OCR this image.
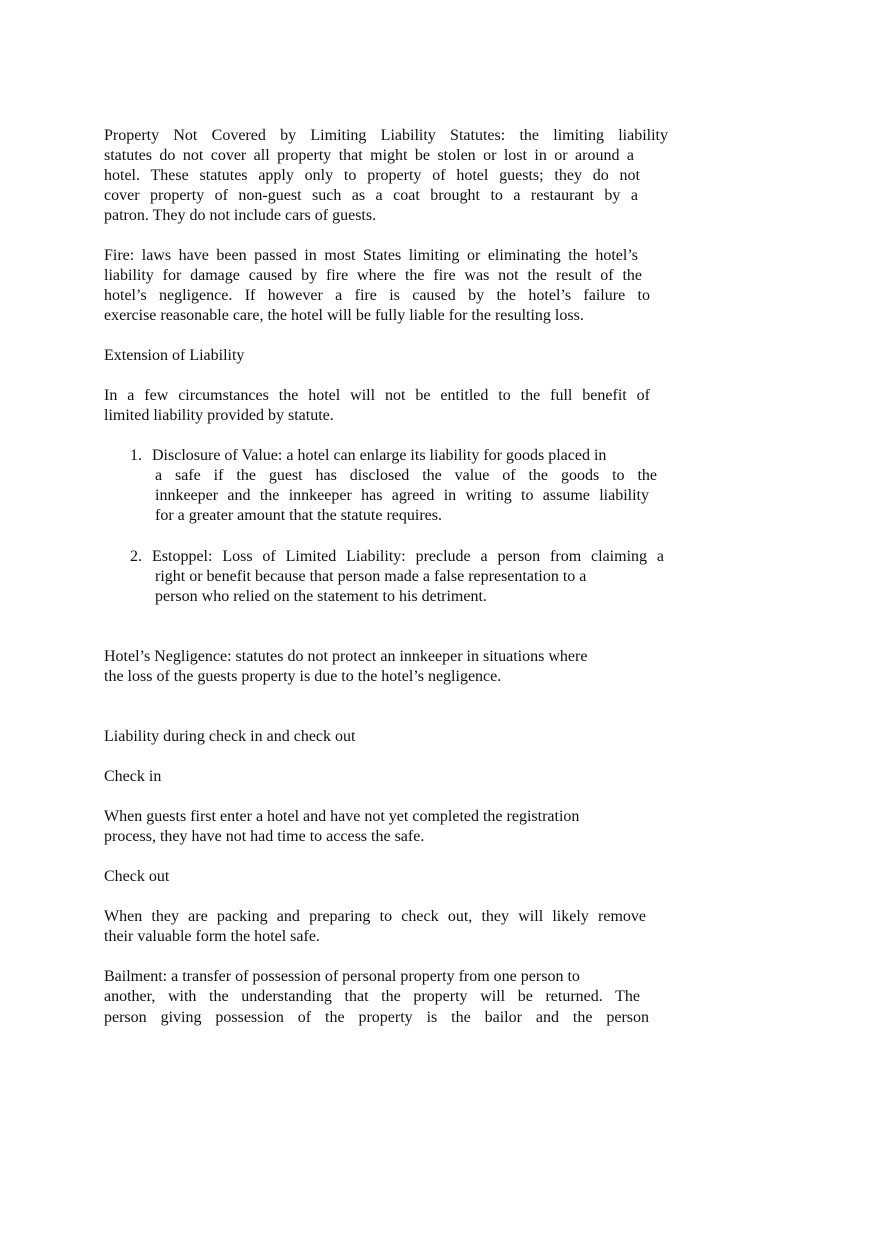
Property Not Covered by Limiting Liability Statutes: the limiting liability
statutes do not cover all property that might be stolen or lost in or around a
hotel. These statutes apply only to property of hotel guests; they do not
cover property of non-guest such as a coat brought to a restaurant by a
patron. They do not include cars of guests.
Fire: laws have been passed in most States limiting or eliminating the hotel’s
liability for damage caused by fire where the fire was not the result of the
hotel’s negligence. If however a fire is caused by the hotel’s failure to
exercise reasonable care, the hotel will be fully liable for the resulting loss.
Extension of Liability
In a few circumstances the hotel will not be entitled to the full benefit of
limited liability provided by statute.
1. Disclosure of Value: a hotel can enlarge its liability for goods placed in
a safe if the guest has disclosed the value of the goods to the
innkeeper and the innkeeper has agreed in writing to assume liability
for a greater amount that the statute requires.
2. Estoppel: Loss of Limited Liability: preclude a person from claiming a
right or benefit because that person made a false representation to a
person who relied on the statement to his detriment.
Hotel’s Negligence: statutes do not protect an innkeeper in situations where
the loss of the guests property is due to the hotel’s negligence.
Liability during check in and check out
Check in
When guests first enter a hotel and have not yet completed the registration
process, they have not had time to access the safe.
Check out
When they are packing and preparing to check out, they will likely remove
their valuable form the hotel safe.
Bailment: a transfer of possession of personal property from one person to
another, with the understanding that the property will be returned. The
person giving possession of the property is the bailor and the person
